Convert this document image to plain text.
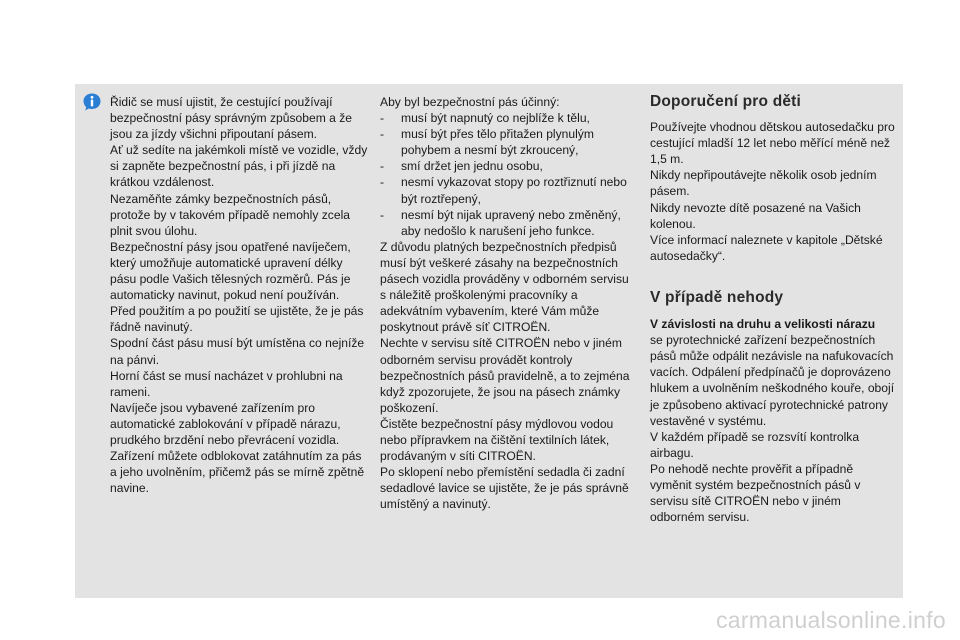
Řidič se musí ujistit, že cestující používají bezpečnostní pásy správným způsobem a že jsou za jízdy všichni připoutaní pásem.

Ať už sedíte na jakémkoli místě ve vozidle, vždy si zapněte bezpečnostní pás, i při jízdě na krátkou vzdálenost.

Nezaměňte zámky bezpečnostních pásů, protože by v takovém případě nemohly zcela plnit svou úlohu.

Bezpečnostní pásy jsou opatřené navíječem, který umožňuje automatické upravení délky pásu podle Vašich tělesných rozměrů. Pás je automaticky navinut, pokud není používán.

Před použitím a po použití se ujistěte, že je pás řádně navinutý.

Spodní část pásu musí být umístěna co nejníže na pánvi.

Horní část se musí nacházet v prohlubni na rameni.

Navíječe jsou vybavené zařízením pro automatické zablokování v případě nárazu, prudkého brzdění nebo převrácení vozidla. Zařízení můžete odblokovat zatáhnutím za pás a jeho uvolněním, přičemž pás se mírně zpětně navine.

Aby byl bezpečnostní pás účinný:

- musí být napnutý co nejblíže k tělu,
- musí být přes tělo přitažen plynulým pohybem a nesmí být zkroucený,
- smí držet jen jednu osobu,
- nesmí vykazovat stopy po roztřiznutí nebo být roztřepený,
- nesmí být nijak upravený nebo změněný, aby nedošlo k narušení jeho funkce.

Z důvodu platných bezpečnostních předpisů musí být veškeré zásahy na bezpečnostních pásech vozidla prováděny v odborném servisu s náležitě proškolenými pracovníky a adekvátním vybavením, které Vám může poskytnout právě síť CITROËN.

Nechte v servisu sítě CITROËN nebo v jiném odborném servisu provádět kontroly bezpečnostních pásů pravidelně, a to zejména když zpozorujete, že jsou na pásech známky poškození.

Čistěte bezpečnostní pásy mýdlovou vodou nebo přípravkem na čištění textilních látek, prodávaným v síti CITROËN.

Po sklopení nebo přemístění sedadla či zadní sedadlové lavice se ujistěte, že je pás správně umístěný a navinutý.

Doporučení pro děti

Používejte vhodnou dětskou autosedačku pro cestující mladší 12 let nebo měřící méně než 1,5 m.

Nikdy nepřipoutávejte několik osob jedním pásem.

Nikdy nevozte dítě posazené na Vašich kolenou.

Více informací naleznete v kapitole „Dětské autosedačky“.

V případě nehody

V závislosti na druhu a velikosti nárazu

se pyrotechnické zařízení bezpečnostních pásů může odpálit nezávisle na nafukovacích vacích. Odpálení předpínačů je doprovázeno hlukem a uvolněním neškodného kouře, obojí je způsobeno aktivací pyrotechnické patrony vestavěné v systému.

V každém případě se rozsvítí kontrolka airbagu.

Po nehodě nechte prověřit a případně vyměnit systém bezpečnostních pásů v servisu sítě CITROËN nebo v jiném odborném servisu.

carmanualsonline.info
